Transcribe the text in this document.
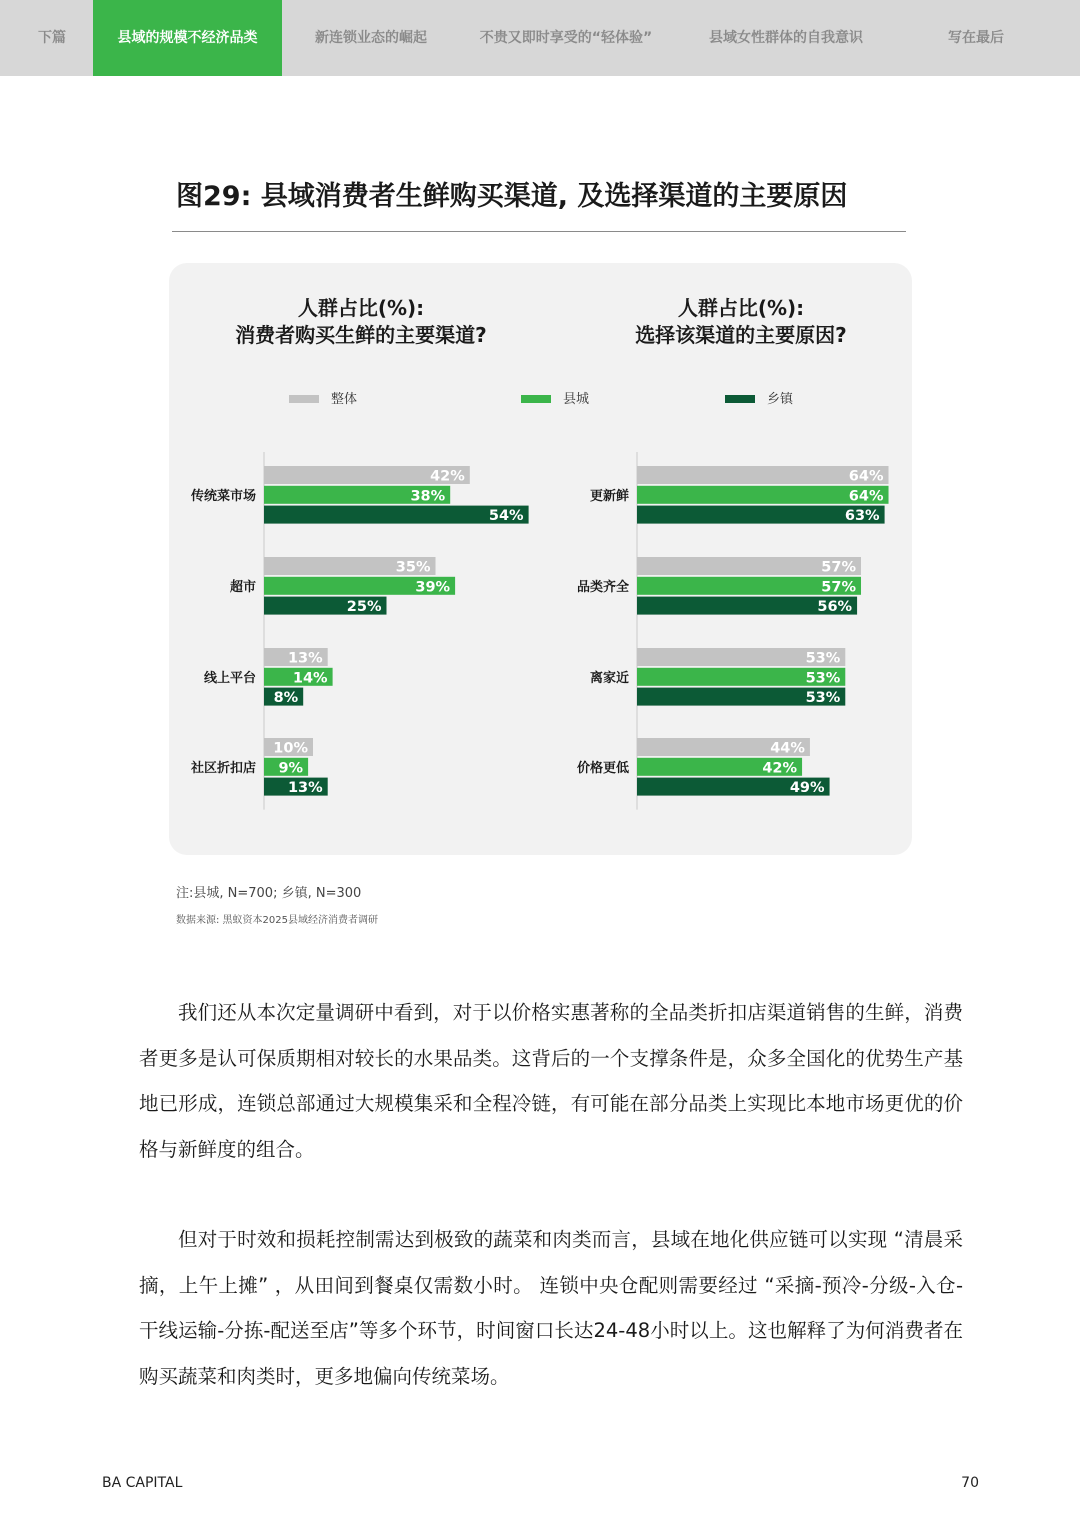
下篇	县域的规模不经济品类	新连锁业态的崛起	不贵又即时享受的“轻体验”	县域女性群体的自我意识	写在最后
图29: 县域消费者生鲜购买渠道, 及选择渠道的主要原因
人群占比(%):
消费者购买生鲜的主要渠道?
人群占比(%):
选择该渠道的主要原因?
整体	县城	乡镇
传统菜市场
42%
38%
54%
超市
35%
39%
25%
线上平台
13%
14%
8%
社区折扣店
10%
9%
13%
更新鲜
64%
64%
63%
品类齐全
57%
57%
56%
离家近
53%
53%
53%
价格更低
44%
42%
49%
注:县城, N=700; 乡镇, N=300
数据来源: 黑蚁资本2025县域经济消费者调研

我们还从本次定量调研中看到，对于以价格实惠著称的全品类折扣店渠道销售的生鲜，消费者更多是认可保质期相对较长的水果品类。这背后的一个支撑条件是，众多全国化的优势生产基地已形成，连锁总部通过大规模集采和全程冷链，有可能在部分品类上实现比本地市场更优的价格与新鲜度的组合。

但对于时效和损耗控制需达到极致的蔬菜和肉类而言，县域在地化供应链可以实现 “清晨采摘，上午上摊” ，从田间到餐桌仅需数小时。 连锁中央仓配则需要经过 “采摘-预冷-分级-入仓-干线运输-分拣-配送至店”等多个环节，时间窗口长达24-48小时以上。这也解释了为何消费者在购买蔬菜和肉类时，更多地偏向传统菜场。

BA CAPITAL	70
